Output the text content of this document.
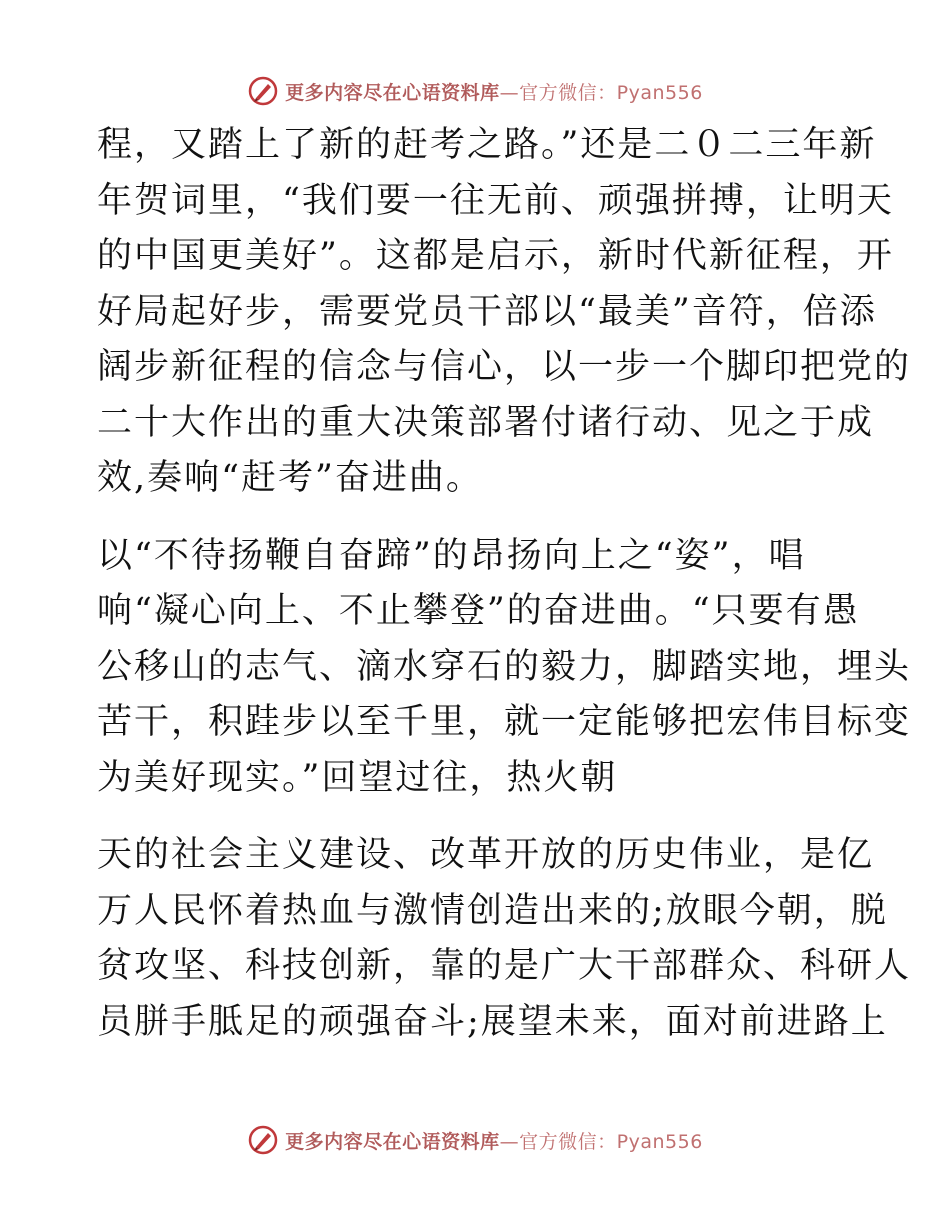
更多内容尽在心语资料库—官方微信：Pyan556

程，又踏上了新的赶考之路。”还是二０二三年新
年贺词里，“我们要一往无前、顽强拼搏，让明天
的中国更美好”。这都是启示，新时代新征程，开
好局起好步，需要党员干部以“最美”音符，倍添
阔步新征程的信念与信心，以一步一个脚印把党的
二十大作出的重大决策部署付诸行动、见之于成
效,奏响“赶考”奋进曲。

以“不待扬鞭自奋蹄”的昂扬向上之“姿”，唱
响“凝心向上、不止攀登”的奋进曲。“只要有愚
公移山的志气、滴水穿石的毅力，脚踏实地，埋头
苦干，积跬步以至千里，就一定能够把宏伟目标变
为美好现实。”回望过往，热火朝

天的社会主义建设、改革开放的历史伟业，是亿
万人民怀着热血与激情创造出来的;放眼今朝，脱
贫攻坚、科技创新，靠的是广大干部群众、科研人
员胼手胝足的顽强奋斗;展望未来，面对前进路上

更多内容尽在心语资料库—官方微信：Pyan556
